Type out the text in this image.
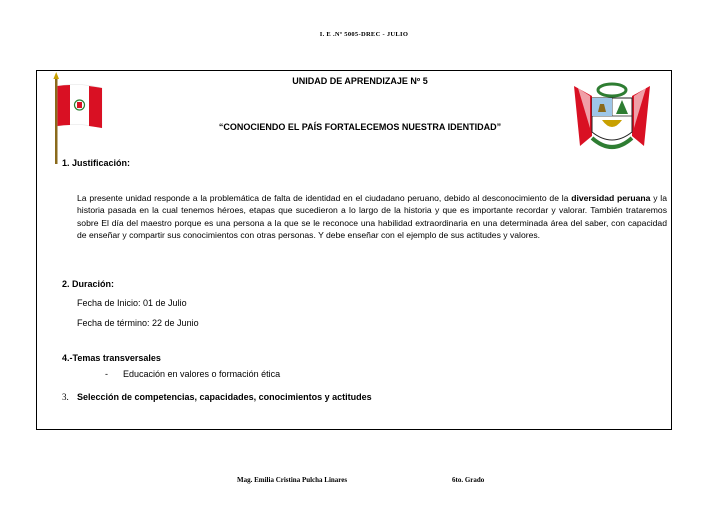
I. E .Nº 5005-DREC - JULIO
UNIDAD DE APRENDIZAJE Nº 5
“CONOCIENDO EL PAÍS FORTALECEMOS NUESTRA IDENTIDAD”
1. Justificación:
La presente unidad responde a la problemática de falta de identidad en el ciudadano peruano, debido al desconocimiento de la diversidad peruana y la historia pasada en la cual tenemos héroes, etapas que sucedieron a lo largo de la historia y que es importante recordar y valorar. También trataremos sobre El día del maestro porque es una persona a la que se le reconoce una habilidad extraordinaria en una determinada área del saber, con capacidad de enseñar y compartir sus conocimientos con otras personas. Y debe enseñar con el ejemplo de sus actitudes y valores.
2. Duración:
Fecha de Inicio: 01 de Julio
Fecha de término: 22 de Junio
4.-Temas transversales
- Educación en valores o formación ética
3. Selección de competencias, capacidades, conocimientos y actitudes
Mag. Emilia Cristina Pulcha Linares	6to. Grado
